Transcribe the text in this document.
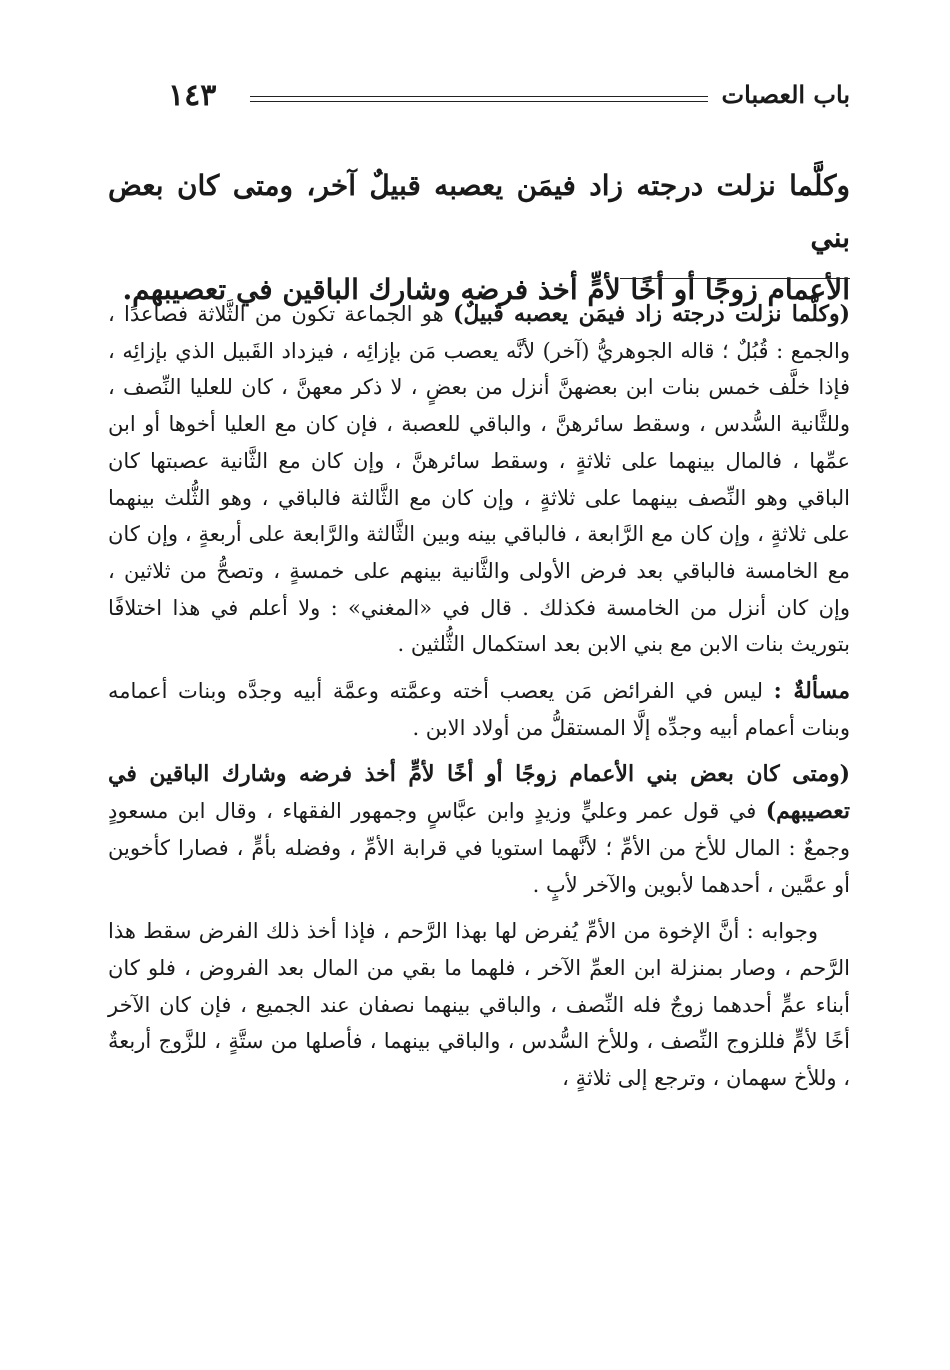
١٤٣	باب العصبات
وكلَّما نزلت درجته زاد فيمَن يعصبه قبيلٌ آخر، ومتى كان بعض بني
الأعمام زوجًا أو أخًا لأمٍّ أخذ فرضه وشارك الباقين في تعصيبهم.

(وكلَّما نزلت درجته زاد فيمَن يعصبه قَبيلٌ) هو الجماعة تكون من الثَّلاثة فصاعدًا ، والجمع : قُبُلٌ ؛ قاله الجوهريُّ (آخر) لأنَّه يعصب مَن بإزائِه ، فيزداد القَبيل الذي بإزائِه ، فإذا خلَّف خمس بنات ابن بعضهنَّ أنزل من بعضٍ ، لا ذكر معهنَّ ، كان للعليا النِّصف ، وللثَّانية السُّدس ، وسقط سائرهنَّ ، والباقي للعصبة ، فإن كان مع العليا أخوها أو ابن عمِّها ، فالمال بينهما على ثلاثةٍ ، وسقط سائرهنَّ ، وإن كان مع الثَّانية عصبتها كان الباقي وهو النِّصف بينهما على ثلاثةٍ ، وإن كان مع الثَّالثة فالباقي ، وهو الثُّلث بينهما على ثلاثةٍ ، وإن كان مع الرَّابعة ، فالباقي بينه وبين الثَّالثة والرَّابعة على أربعةٍ ، وإن كان مع الخامسة فالباقي بعد فرض الأولى والثَّانية بينهم على خمسةٍ ، وتصحُّ من ثلاثين ، وإن كان أنزل من الخامسة فكذلك . قال في «المغني» : ولا أعلم في هذا اختلافًا بتوريث بنات الابن مع بني الابن بعد استكمال الثُّلثين .

مسألةٌ : ليس في الفرائض مَن يعصب أخته وعمَّته وعمَّة أبيه وجدَّه وبنات أعمامه وبنات أعمام أبيه وجدِّه إلَّا المستقلُّ من أولاد الابن .

(ومتى كان بعض بني الأعمام زوجًا أو أخًا لأمٍّ أخذ فرضه وشارك الباقين في تعصيبهم) في قول عمر وعليٍّ وزيدٍ وابن عبَّاسٍ وجمهور الفقهاء ، وقال ابن مسعودٍ وجمعٌ : المال للأخ من الأمِّ ؛ لأنَّهما استويا في قرابة الأمِّ ، وفضله بأمٍّ ، فصارا كأخوين أو عمَّين ، أحدهما لأبوين والآخر لأبٍ .

وجوابه : أنَّ الإخوة من الأمِّ يُفرض لها بهذا الرَّحم ، فإذا أخذ ذلك الفرض سقط هذا الرَّحم ، وصار بمنزلة ابن العمِّ الآخر ، فلهما ما بقي من المال بعد الفروض ، فلو كان أبناء عمٍّ أحدهما زوجٌ فله النِّصف ، والباقي بينهما نصفان عند الجميع ، فإن كان الآخر أخًا لأمٍّ فللزوج النِّصف ، وللأخ السُّدس ، والباقي بينهما ، فأصلها من ستَّةٍ ، للزَّوج أربعةٌ ، وللأخ سهمان ، وترجع إلى ثلاثةٍ ،
